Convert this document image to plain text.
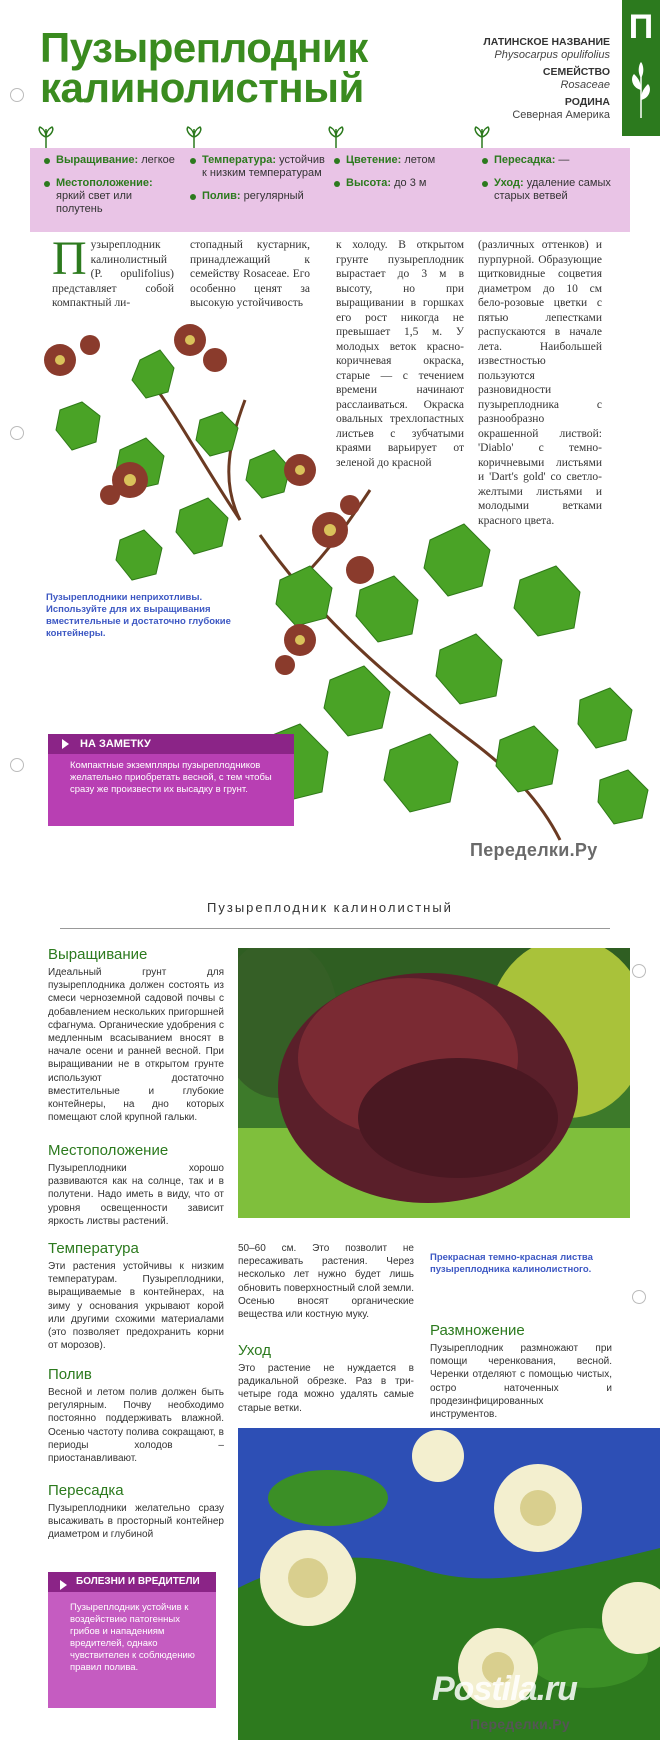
Пузыреплодник
калинолистный
ЛАТИНСКОЕ НАЗВАНИЕ
Physocarpus opulifolius
СЕМЕЙСТВО
Rosaceae
РОДИНА
Северная Америка
П
Выращивание: легкое
Местоположение: яркий свет или полутень
Температура: устойчив к низким температурам
Полив: регулярный
Цветение: летом
Высота: до 3 м
Пересадка: —
Уход: удаление самых старых ветвей
Пузыреплодник калинолистный (P. opulifolius) представляет собой компактный ли-
стопадный кустарник, принадлежащий к семейству Rosaceae. Его особенно ценят за высокую устойчивость
к холоду. В открытом грунте пузыреплодник вырастает до 3 м в высоту, но при выращивании в горшках его рост никогда не превышает 1,5 м. У молодых веток красно-коричневая окраска, старые — с течением времени начинают расслаиваться. Окраска овальных трехлопастных листьев с зубчатыми краями варьирует от зеленой до красной
(различных оттенков) и пурпурной. Образующие щитковидные соцветия диаметром до 10 см бело-розовые цветки с пятью лепестками распускаются в начале лета. Наибольшей известностью пользуются разновидности пузыреплодника с разнообразно окрашенной листвой: 'Diablo' с темно-коричневыми листьями и 'Dart's gold' со светло-желтыми листьями и молодыми ветками красного цвета.
Пузыреплодники неприхотливы. Используйте для их выращивания вместительные и достаточно глубокие контейнеры.
НА ЗАМЕТКУ
Компактные экземпляры пузыреплодников желательно приобретать весной, с тем чтобы сразу же произвести их высадку в грунт.
Переделки.Ру
Пузыреплодник калинолистный
Выращивание
Идеальный грунт для пузыреплодника должен состоять из смеси черноземной садовой почвы с добавлением нескольких пригоршней сфагнума. Органические удобрения с медленным всасыванием вносят в начале осени и ранней весной. При выращивании не в открытом грунте используют достаточно вместительные и глубокие контейнеры, на дно которых помещают слой крупной гальки.
Местоположение
Пузыреплодники хорошо развиваются как на солнце, так и в полутени. Надо иметь в виду, что от уровня освещенности зависит яркость листвы растений.
Температура
Эти растения устойчивы к низким температурам. Пузыреплодники, выращиваемые в контейнерах, на зиму у основания укрывают корой или другими схожими материалами (это позволяет предохранить корни от морозов).
Полив
Весной и летом полив должен быть регулярным. Почву необходимо постоянно поддерживать влажной. Осенью частоту полива сокращают, в периоды холодов – приостанавливают.
Пересадка
Пузыреплодники желательно сразу высаживать в просторный контейнер диаметром и глубиной
Прекрасная темно-красная листва пузыреплодника калинолистного.
50–60 см. Это позволит не пересаживать растения. Через несколько лет нужно будет лишь обновить поверхностный слой земли. Осенью вносят органические вещества или костную муку.
Уход
Это растение не нуждается в радикальной обрезке. Раз в три-четыре года можно удалять самые старые ветки.
Размножение
Пузыреплодник размножают при помощи черенкования, весной. Черенки отделяют с помощью чистых, остро наточенных и продезинфицированных инструментов.
БОЛЕЗНИ И ВРЕДИТЕЛИ
Пузыреплодник устойчив к воздействию патогенных грибов и нападениям вредителей, однако чувствителен к соблюдению правил полива.
Postila.ru
Переделки.Ру
